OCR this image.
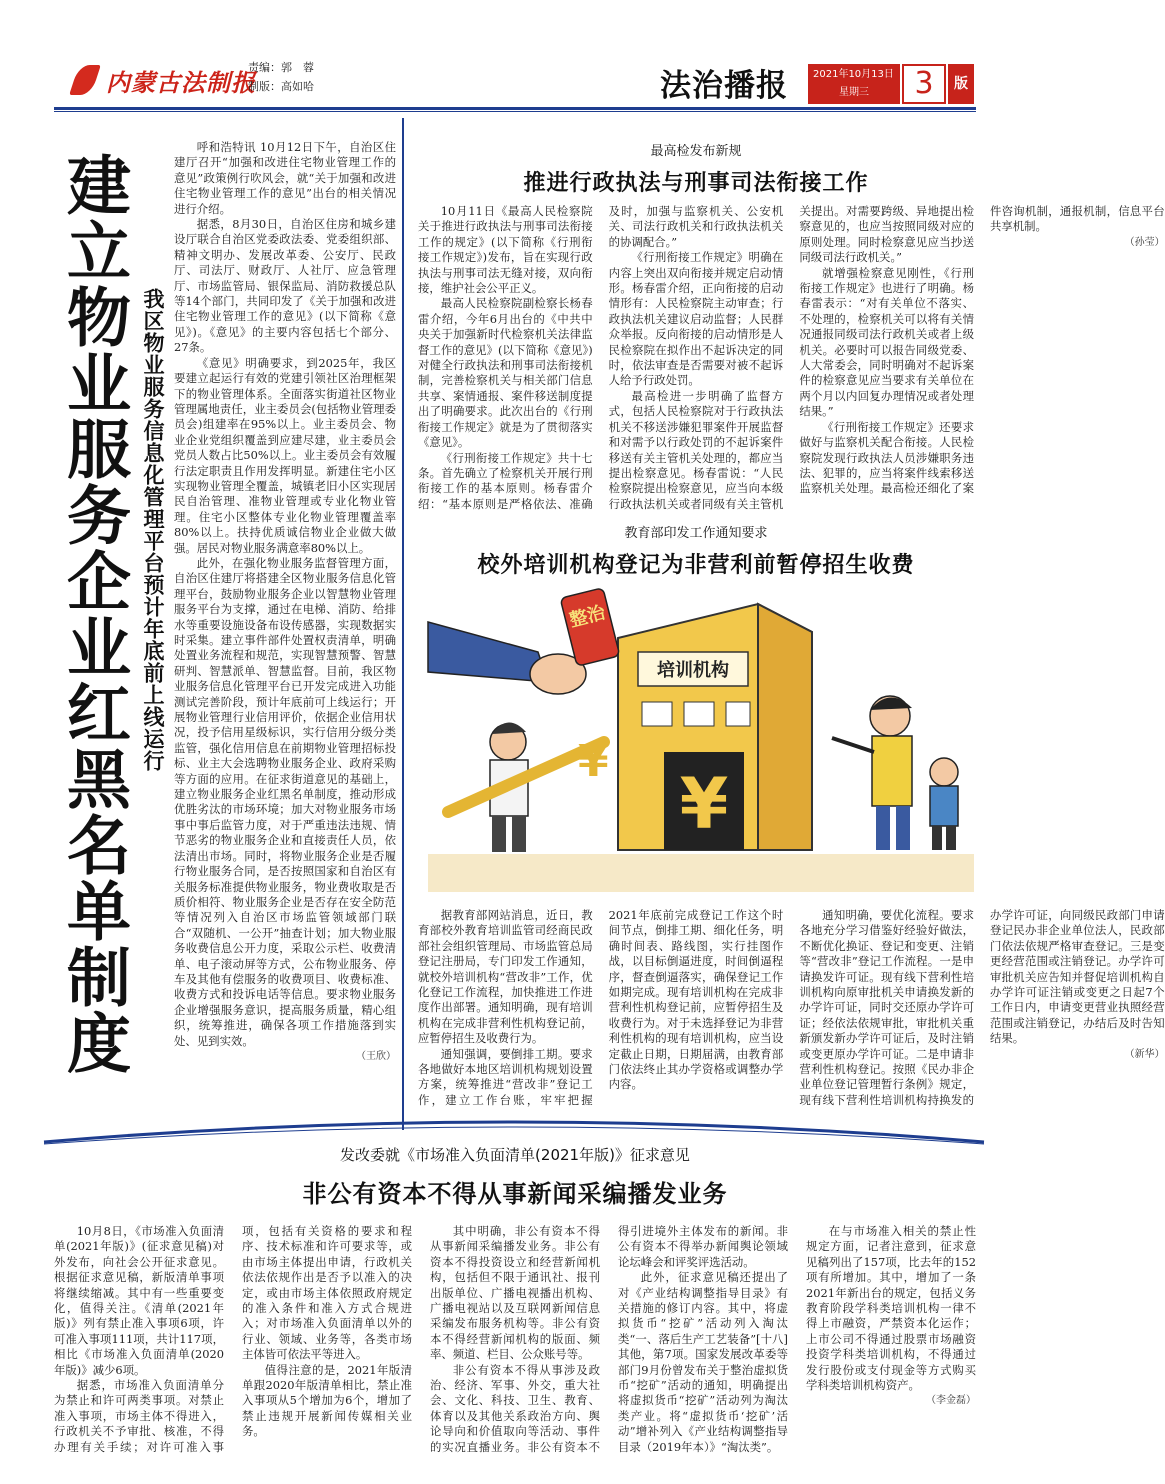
内蒙古法制报
责编：郭　蓉
制版：高如哈	法治播报	2021年10月13日
星期三	3	版
建立物业服务企业红黑名单制度 我区物业服务信息化管理平台预计年底前上线运行

呼和浩特讯 10月12日下午，自治区住建厅召开“加强和改进住宅物业管理工作的意见”政策例行吹风会，就“关于加强和改进住宅物业管理工作的意见”出台的相关情况进行介绍。

据悉，8月30日，自治区住房和城乡建设厅联合自治区党委政法委、党委组织部、精神文明办、发展改革委、公安厅、民政厅、司法厅、财政厅、人社厅、应急管理厅、市场监管局、银保监局、消防救援总队等14个部门，共同印发了《关于加强和改进住宅物业管理工作的意见》(以下简称《意见》)。《意见》的主要内容包括七个部分、27条。

《意见》明确要求，到2025年，我区要建立起运行有效的党建引领社区治理框架下的物业管理体系。全面落实街道社区物业管理属地责任，业主委员会(包括物业管理委员会)组建率在95%以上。业主委员会、物业企业党组织覆盖到应建尽建，业主委员会党员人数占比50%以上。业主委员会有效履行法定职责且作用发挥明显。新建住宅小区实现物业管理全覆盖，城镇老旧小区实现居民自治管理、准物业管理或专业化物业管理。住宅小区整体专业化物业管理覆盖率80%以上。扶持优质诚信物业企业做大做强。居民对物业服务满意率80%以上。

此外，在强化物业服务监督管理方面，自治区住建厅将搭建全区物业服务信息化管理平台，鼓励物业服务企业以智慧物业管理服务平台为支撑，通过在电梯、消防、给排水等重要设施设备布设传感器，实现数据实时采集。建立事件部件处置权责清单，明确处置业务流程和规范，实现智慧预警、智慧研判、智慧派单、智慧监督。目前，我区物业服务信息化管理平台已开发完成进入功能测试完善阶段，预计年底前可上线运行；开展物业管理行业信用评价，依据企业信用状况，投予信用星级标识，实行信用分级分类监管，强化信用信息在前期物业管理招标投标、业主大会选聘物业服务企业、政府采购等方面的应用。在征求街道意见的基础上，建立物业服务企业红黑名单制度，推动形成优胜劣汰的市场环境；加大对物业服务市场事中事后监管力度，对于严重违法违规、情节恶劣的物业服务企业和直接责任人员，依法清出市场。同时，将物业服务企业是否履行物业服务合同，是否按照国家和自治区有关服务标准提供物业服务，物业费收取是否质价相符、物业服务企业是否存在安全防范等情况列入自治区市场监管领域部门联合“双随机、一公开”抽查计划；加大物业服务收费信息公开力度，采取公示栏、收费清单、电子滚动屏等方式，公布物业服务、停车及其他有偿服务的收费项目、收费标准、收费方式和投诉电话等信息。要求物业服务企业增强服务意识，提高服务质量，精心组织，统筹推进，确保各项工作措施落到实处、见到实效。

（王欣）
最高检发布新规
推进行政执法与刑事司法衔接工作

10月11日《最高人民检察院关于推进行政执法与刑事司法衔接工作的规定》(以下简称《行刑衔接工作规定》)发布，旨在实现行政执法与刑事司法无缝对接，双向衔接，维护社会公平正义。

最高人民检察院副检察长杨春雷介绍，今年6月出台的《中共中央关于加强新时代检察机关法律监督工作的意见》(以下简称《意见》)对健全行政执法和刑事司法衔接机制，完善检察机关与相关部门信息共享、案情通报、案件移送制度提出了明确要求。此次出台的《行刑衔接工作规定》就是为了贯彻落实《意见》。

《行刑衔接工作规定》共十七条。首先确立了检察机关开展行刑衔接工作的基本原则。杨春雷介绍：“基本原则是严格依法、准确及时，加强与监察机关、公安机关、司法行政机关和行政执法机关的协调配合。”

《行刑衔接工作规定》明确在内容上突出双向衔接并规定启动情形。杨春雷介绍，正向衔接的启动情形有：人民检察院主动审查；行政执法机关建议启动监督；人民群众举报。反向衔接的启动情形是人民检察院在拟作出不起诉决定的同时，依法审查是否需要对被不起诉人给予行政处罚。

最高检进一步明确了监督方式，包括人民检察院对于行政执法机关不移送涉嫌犯罪案件开展监督和对需予以行政处罚的不起诉案件移送有关主管机关处理的，都应当提出检察意见。杨春雷说：“人民检察院提出检察意见，应当向本级行政执法机关或者同级有关主管机关提出。对需要跨级、异地提出检察意见的，也应当按照同级对应的原则处理。同时检察意见应当抄送同级司法行政机关。”

就增强检察意见刚性，《行刑衔接工作规定》也进行了明确。杨春雷表示：“对有关单位不落实、不处理的，检察机关可以将有关情况通报同级司法行政机关或者上级机关。必要时可以报告同级党委、人大常委会，同时明确对不起诉案件的检察意见应当要求有关单位在两个月以内回复办理情况或者处理结果。”

《行刑衔接工作规定》还要求做好与监察机关配合衔接。人民检察院发现行政执法人员涉嫌职务违法、犯罪的，应当将案件线索移送监察机关处理。最高检还细化了案件咨询机制，通报机制，信息平台共享机制。

（孙莹）
教育部印发工作通知要求
校外培训机构登记为非营利前暂停招生收费
培训机构
¥
整治
¥

据教育部网站消息，近日，教育部校外教育培训监管司经商民政部社会组织管理局、市场监管总局登记注册局，专门印发工作通知，就校外培训机构“营改非”工作，优化登记工作流程，加快推进工作进度作出部署。通知明确，现有培训机构在完成非营利性机构登记前，应暂停招生及收费行为。

通知强调，要倒排工期。要求各地做好本地区培训机构规划设置方案，统筹推进“营改非”登记工作，建立工作台账，牢牢把握2021年底前完成登记工作这个时间节点，倒排工期、细化任务，明确时间表、路线图，实行挂图作战，以目标倒逼进度，时间倒逼程序，督查倒逼落实，确保登记工作如期完成。现有培训机构在完成非营利性机构登记前，应暂停招生及收费行为。对于未选择登记为非营利性机构的现有培训机构，应当设定截止日期，日期届满，由教育部门依法终止其办学资格或调整办学内容。

通知明确，要优化流程。要求各地充分学习借鉴好经验好做法，不断优化换证、登记和变更、注销等“营改非”登记工作流程。一是申请换发许可证。现有线下营利性培训机构向原审批机关申请换发新的办学许可证，同时交还原办学许可证；经依法依规审批，审批机关重新颁发新办学许可证后，及时注销或变更原办学许可证。二是申请非营利性机构登记。按照《民办非企业单位登记管理暂行条例》规定，现有线下营利性培训机构持换发的办学许可证，向同级民政部门申请登记民办非企业单位法人，民政部门依法依规严格审查登记。三是变更经营范围或注销登记。办学许可审批机关应告知并督促培训机构自办学许可证注销或变更之日起7个工作日内，申请变更营业执照经营范围或注销登记，办结后及时告知结果。

（新华）
发改委就《市场准入负面清单(2021年版)》征求意见
非公有资本不得从事新闻采编播发业务

10月8日，《市场准入负面清单(2021年版)》(征求意见稿)对外发布，向社会公开征求意见。根据征求意见稿，新版清单事项将继续缩减。其中有一些重要变化，值得关注。《清单(2021年版)》列有禁止准入事项6项，许可准入事项111项，共计117项，相比《市场准入负面清单(2020年版)》减少6项。

据悉，市场准入负面清单分为禁止和许可两类事项。对禁止准入事项，市场主体不得进入，行政机关不予审批、核准，不得办理有关手续；对许可准入事项，包括有关资格的要求和程序、技术标准和许可要求等，或由市场主体提出申请，行政机关依法依规作出是否予以准入的决定，或由市场主体依照政府规定的准入条件和准入方式合规进入；对市场准入负面清单以外的行业、领域、业务等，各类市场主体皆可依法平等进入。

值得注意的是，2021年版清单跟2020年版清单相比，禁止准入事项从5个增加为6个，增加了禁止违规开展新闻传媒相关业务。

其中明确，非公有资本不得从事新闻采编播发业务。非公有资本不得投资设立和经营新闻机构，包括但不限于通讯社、报刊出版单位、广播电视播出机构、广播电视站以及互联网新闻信息采编发布服务机构等。非公有资本不得经营新闻机构的版面、频率、频道、栏目、公众账号等。

非公有资本不得从事涉及政治、经济、军事、外交，重大社会、文化、科技、卫生、教育、体育以及其他关系政治方向、舆论导向和价值取向等活动、事件的实况直播业务。非公有资本不得引进境外主体发布的新闻。非公有资本不得举办新闻舆论领域论坛峰会和评奖评选活动。

此外，征求意见稿还提出了对《产业结构调整指导目录》有关措施的修订内容。其中，将虚拟货币“挖矿”活动列入淘汰类“一、落后生产工艺装备”[十八]其他，第7项。国家发展改革委等部门9月份曾发布关于整治虚拟货币“挖矿”活动的通知，明确提出将虚拟货币“挖矿”活动列为淘汰类产业。将“虚拟货币‘挖矿’活动”增补列入《产业结构调整指导目录（2019年本）》“淘汰类”。

在与市场准入相关的禁止性规定方面，记者注意到，征求意见稿列出了157项，比去年的152项有所增加。其中，增加了一条2021年新出台的规定，包括义务教育阶段学科类培训机构一律不得上市融资，严禁资本化运作；上市公司不得通过股票市场融资投资学科类培训机构，不得通过发行股份或支付现金等方式购买学科类培训机构资产。

（李金磊）
